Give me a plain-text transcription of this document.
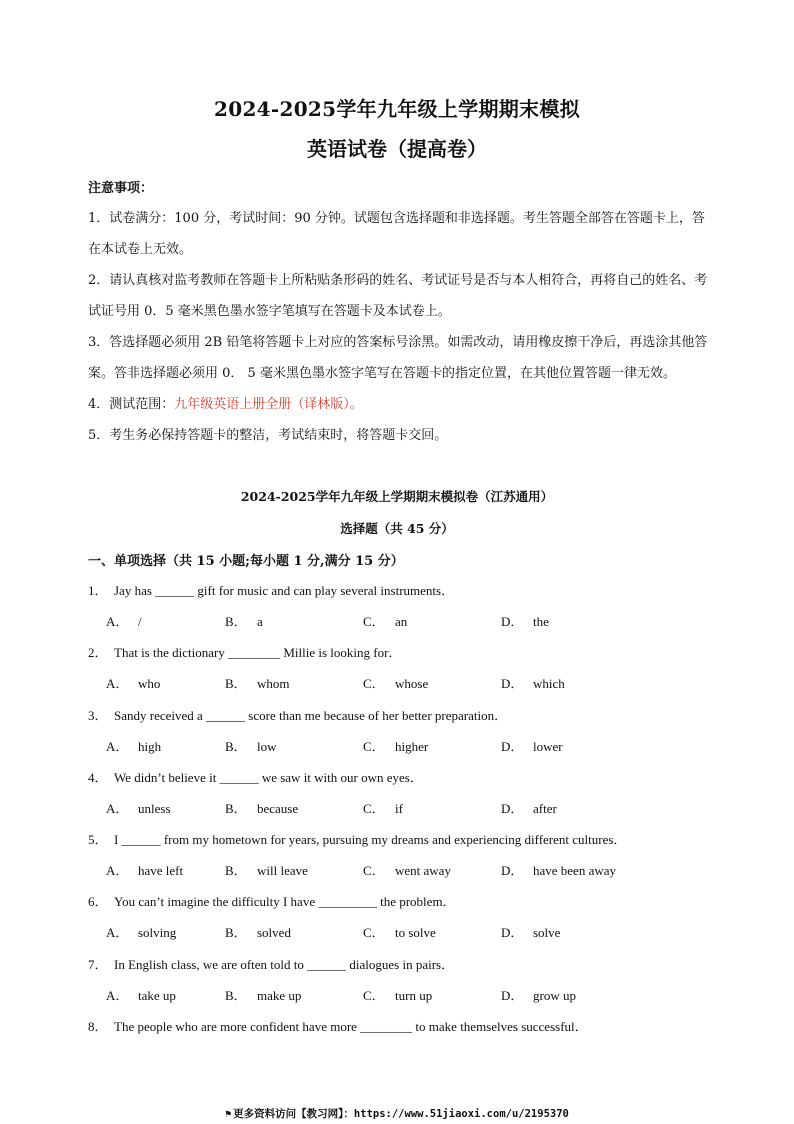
2024-2025学年九年级上学期期末模拟
英语试卷（提高卷）
注意事项：

1．试卷满分：100 分，考试时间：90 分钟。试题包含选择题和非选择题。考生答题全部答在答题卡上，答在本试卷上无效。

2．请认真核对监考教师在答题卡上所粘贴条形码的姓名、考试证号是否与本人相符合，再将自己的姓名、考试证号用 0．5 毫米黑色墨水签字笔填写在答题卡及本试卷上。

3．答选择题必须用 2B 铅笔将答题卡上对应的答案标号涂黑。如需改动，请用橡皮擦干净后，再选涂其他答案。答非选择题必须用 0． 5 毫米黑色墨水签字笔写在答题卡的指定位置，在其他位置答题一律无效。

4．测试范围：九年级英语上册全册（译林版）。

5．考生务必保持答题卡的整洁，考试结束时，将答题卡交回。

2024-2025学年九年级上学期期末模拟卷（江苏通用）
选择题（共 45 分）
一、单项选择（共 15 小题;每小题 1 分,满分 15 分）
1． Jay has ______ gift for music and can play several instruments．
A． /	B． a	C． an	D． the
2． That is the dictionary ________ Millie is looking for．
A． who	B． whom	C． whose	D． which
3． Sandy received a ______ score than me because of her better preparation．
A． high	B． low	C． higher	D． lower
4． We didn’t believe it ______ we saw it with our own eyes．
A． unless	B． because	C． if	D． after
5． I ______ from my hometown for years, pursuing my dreams and experiencing different cultures．
A． have left	B． will leave	C． went away	D． have been away
6． You can’t imagine the difficulty I have _________ the problem．
A． solving	B． solved	C． to solve	D． solve
7． In English class, we are often told to ______ dialogues in pairs．
A． take up	B． make up	C． turn up	D． grow up
8． The people who are more confident have more ________ to make themselves successful．
⚑ 更多资料访问【教习网】：https://www.51jiaoxi.com/u/2195370
